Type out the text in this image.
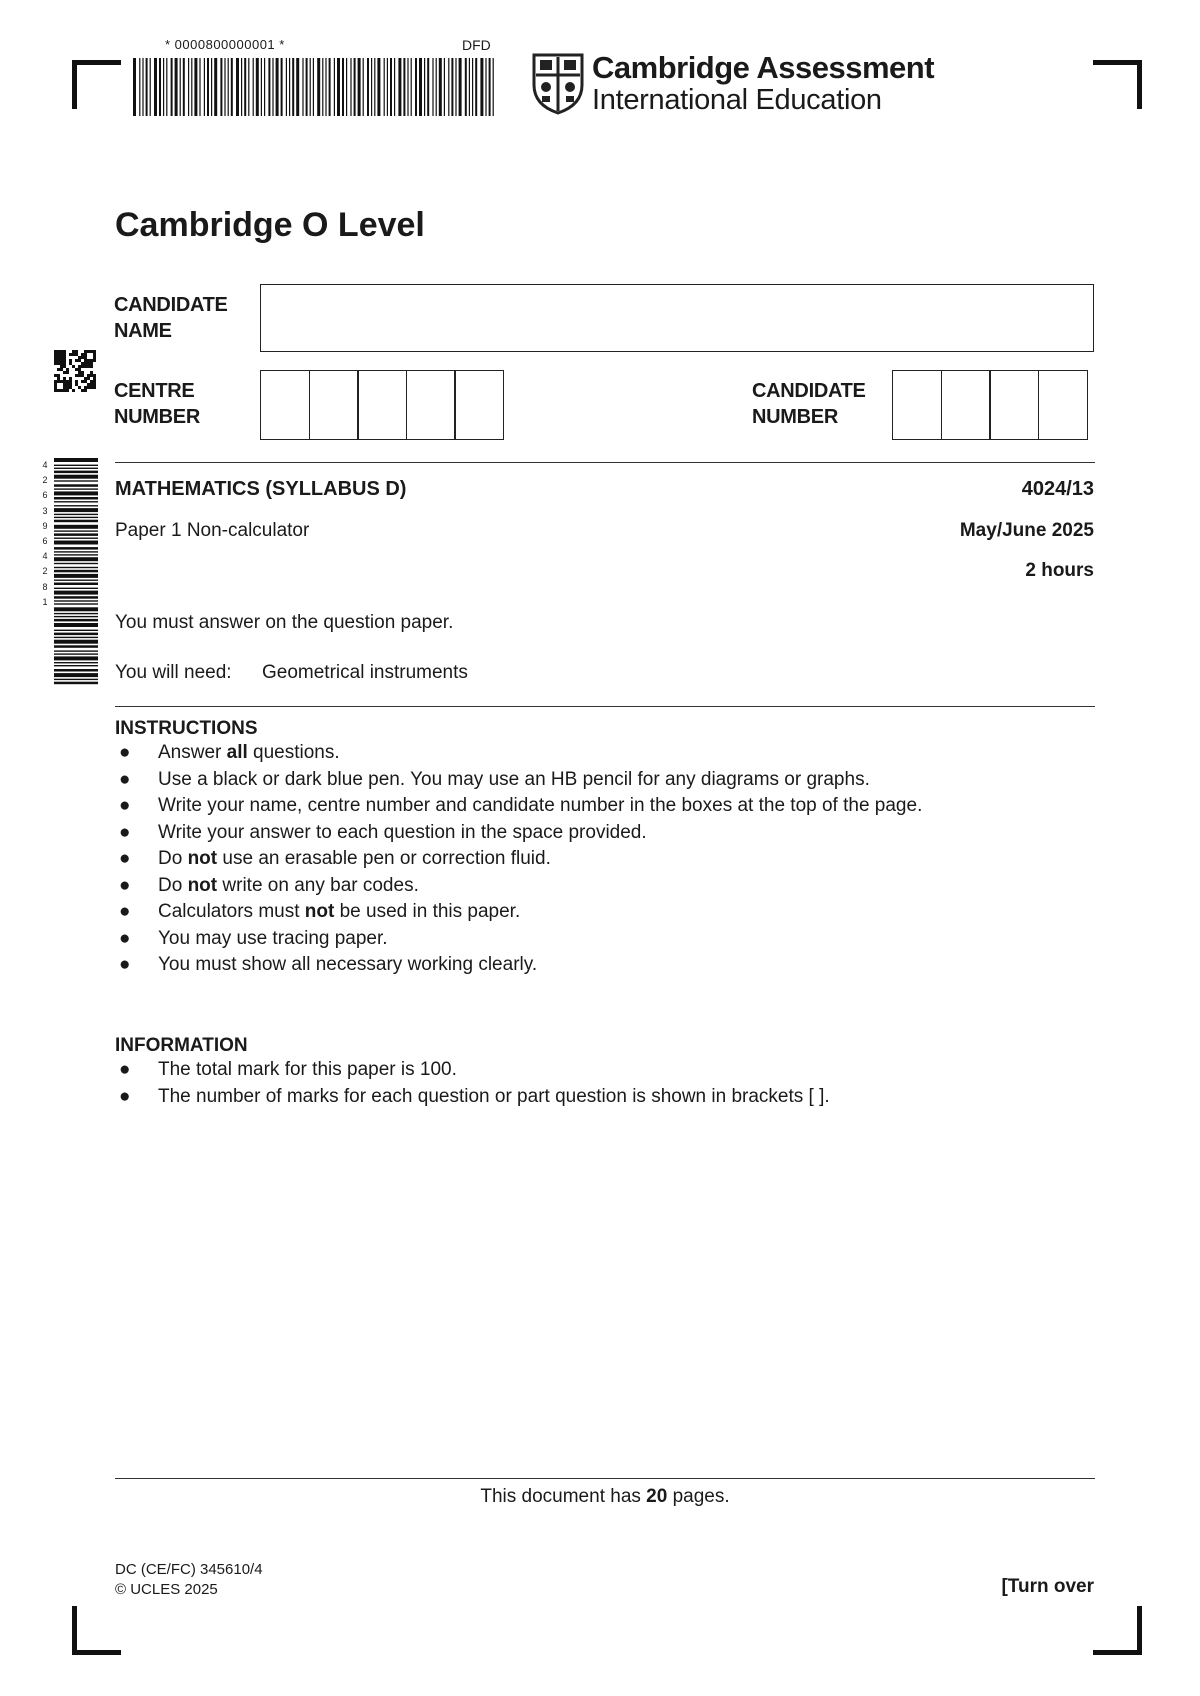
* 0000800000001 *	DFD
Cambridge Assessment
International Education
4
2
6
3
9
6
4
2
8
1
Cambridge O Level
CANDIDATE
NAME
CENTRE
NUMBER
CANDIDATE
NUMBER
MATHEMATICS (SYLLABUS D)	4024/13
Paper 1 Non-calculator	May/June 2025
2 hours
You must answer on the question paper.
You will need: Geometrical instruments
INSTRUCTIONS
● Answer all questions.
● Use a black or dark blue pen. You may use an HB pencil for any diagrams or graphs.
● Write your name, centre number and candidate number in the boxes at the top of the page.
● Write your answer to each question in the space provided.
● Do not use an erasable pen or correction fluid.
● Do not write on any bar codes.
● Calculators must not be used in this paper.
● You may use tracing paper.
● You must show all necessary working clearly.
INFORMATION
● The total mark for this paper is 100.
● The number of marks for each question or part question is shown in brackets [ ].
This document has 20 pages.
DC (CE/FC) 345610/4
© UCLES 2025	[Turn over
